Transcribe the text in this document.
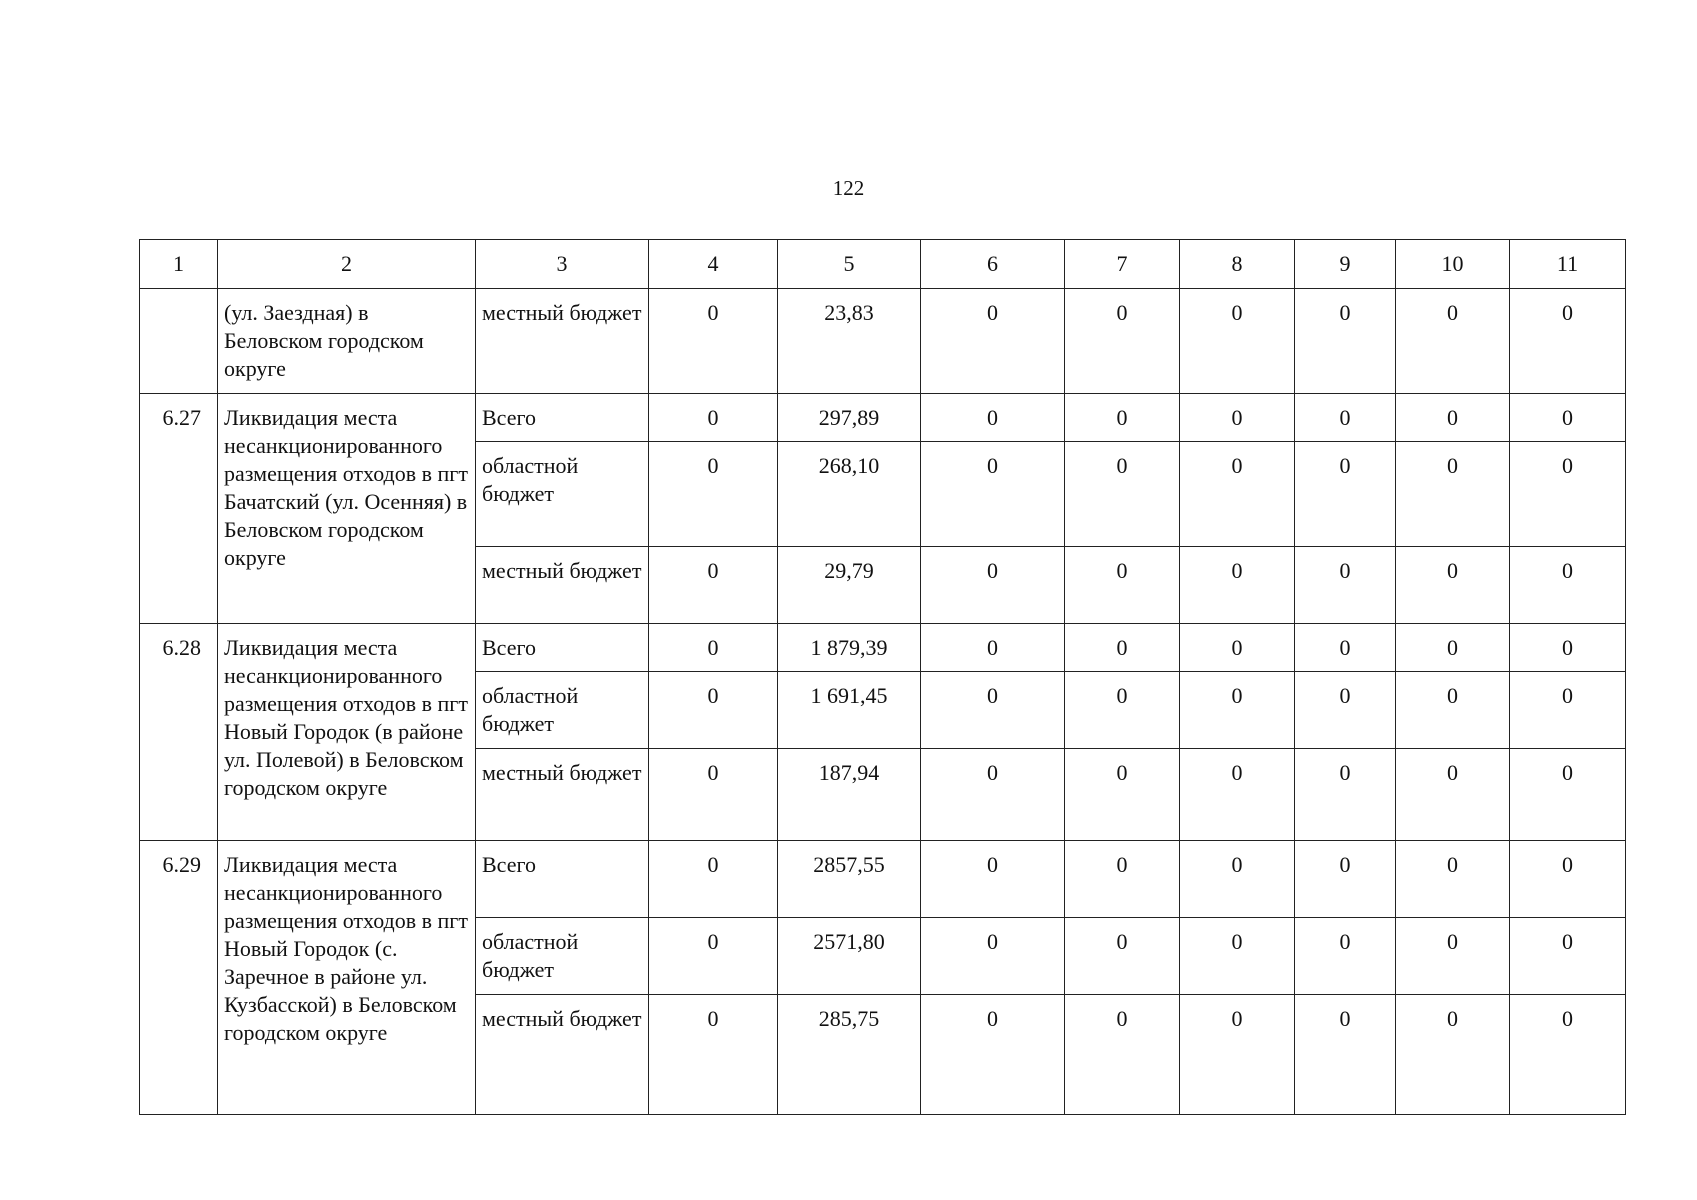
122
1	2	3	4	5	6	7	8	9	10	11
	(ул. Заездная) в Беловском городском округе	местный бюджет	0	23,83	0	0	0	0	0	0
6.27	Ликвидация места несанкционированного размещения отходов в пгт Бачатский (ул. Осенняя) в Беловском городском округе	Всего	0	297,89	0	0	0	0	0	0
		областной бюджет	0	268,10	0	0	0	0	0	0
		местный бюджет	0	29,79	0	0	0	0	0	0
6.28	Ликвидация места несанкционированного размещения отходов в пгт Новый Городок (в районе ул. Полевой) в Беловском городском округе	Всего	0	1 879,39	0	0	0	0	0	0
		областной бюджет	0	1 691,45	0	0	0	0	0	0
		местный бюджет	0	187,94	0	0	0	0	0	0
6.29	Ликвидация места несанкционированного размещения отходов в пгт Новый Городок (с. Заречное в районе ул. Кузбасской) в Беловском городском округе	Всего	0	2857,55	0	0	0	0	0	0
		областной бюджет	0	2571,80	0	0	0	0	0	0
		местный бюджет	0	285,75	0	0	0	0	0	0
